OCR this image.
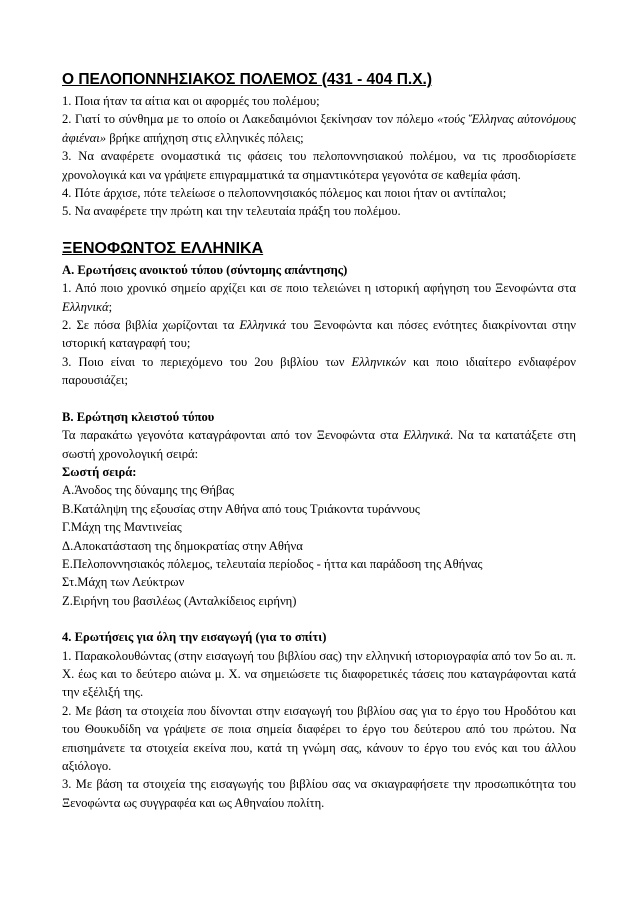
Ο ΠΕΛΟΠΟΝΝΗΣΙΑΚΟΣ ΠΟΛΕΜΟΣ (431 - 404 Π.Χ.)

1. Ποια ήταν τα αίτια και οι αφορμές του πολέμου;

2. Γιατί το σύνθημα με το οποίο οι Λακεδαιμόνιοι ξεκίνησαν τον πόλεμο «τούς Ἕλληνας αὐτονόμους ἀφιέναι» βρήκε απήχηση στις ελληνικές πόλεις;

3. Να αναφέρετε ονομαστικά τις φάσεις του πελοποννησιακού πολέμου, να τις προσδιορίσετε χρονολογικά και να γράψετε επιγραμματικά τα σημαντικότερα γεγονότα σε καθεμία φάση.

4. Πότε άρχισε, πότε τελείωσε ο πελοποννησιακός πόλεμος και ποιοι ήταν οι αντίπαλοι;

5. Να αναφέρετε την πρώτη και την τελευταία πράξη του πολέμου.

ΞΕΝΟΦΩΝΤΟΣ ΕΛΛΗΝΙΚΑ

Α. Ερωτήσεις ανοικτού τύπου (σύντομης απάντησης)

1. Από ποιο χρονικό σημείο αρχίζει και σε ποιο τελειώνει η ιστορική αφήγηση του Ξενοφώντα στα Ελληνικά;

2. Σε πόσα βιβλία χωρίζονται τα Ελληνικά του Ξενοφώντα και πόσες ενότητες διακρίνονται στην ιστορική καταγραφή του;

3. Ποιο είναι το περιεχόμενο του 2ου βιβλίου των Ελληνικών και ποιο ιδιαίτερο ενδιαφέρον παρουσιάζει;

Β. Ερώτηση κλειστού τύπου

Τα παρακάτω γεγονότα καταγράφονται από τον Ξενοφώντα στα Ελληνικά. Να τα κατατάξετε στη σωστή χρονολογική σειρά:

Σωστή σειρά:

Α.Άνοδος της δύναμης της Θήβας

Β.Κατάληψη της εξουσίας στην Αθήνα από τους Τριάκοντα τυράννους

Γ.Μάχη της Μαντινείας

Δ.Αποκατάσταση της δημοκρατίας στην Αθήνα

Ε.Πελοποννησιακός πόλεμος, τελευταία περίοδος - ήττα και παράδοση της Αθήνας

Στ.Μάχη των Λεύκτρων

Ζ.Ειρήνη του βασιλέως (Ανταλκίδειος ειρήνη)

4. Ερωτήσεις για όλη την εισαγωγή (για το σπίτι)

1. Παρακολουθώντας (στην εισαγωγή του βιβλίου σας) την ελληνική ιστοριογραφία από τον 5ο αι. π. Χ. έως και το δεύτερο αιώνα μ. Χ. να σημειώσετε τις διαφορετικές τάσεις που καταγράφονται κατά την εξέλιξή της.

2. Με βάση τα στοιχεία που δίνονται στην εισαγωγή του βιβλίου σας για το έργο του Ηροδότου και του Θουκυδίδη να γράψετε σε ποια σημεία διαφέρει το έργο του δεύτερου από του πρώτου. Να επισημάνετε τα στοιχεία εκείνα που, κατά τη γνώμη σας, κάνουν το έργο του ενός και του άλλου αξιόλογο.

3. Με βάση τα στοιχεία της εισαγωγής του βιβλίου σας να σκιαγραφήσετε την προσωπικότητα του Ξενοφώντα ως συγγραφέα και ως Αθηναίου πολίτη.
